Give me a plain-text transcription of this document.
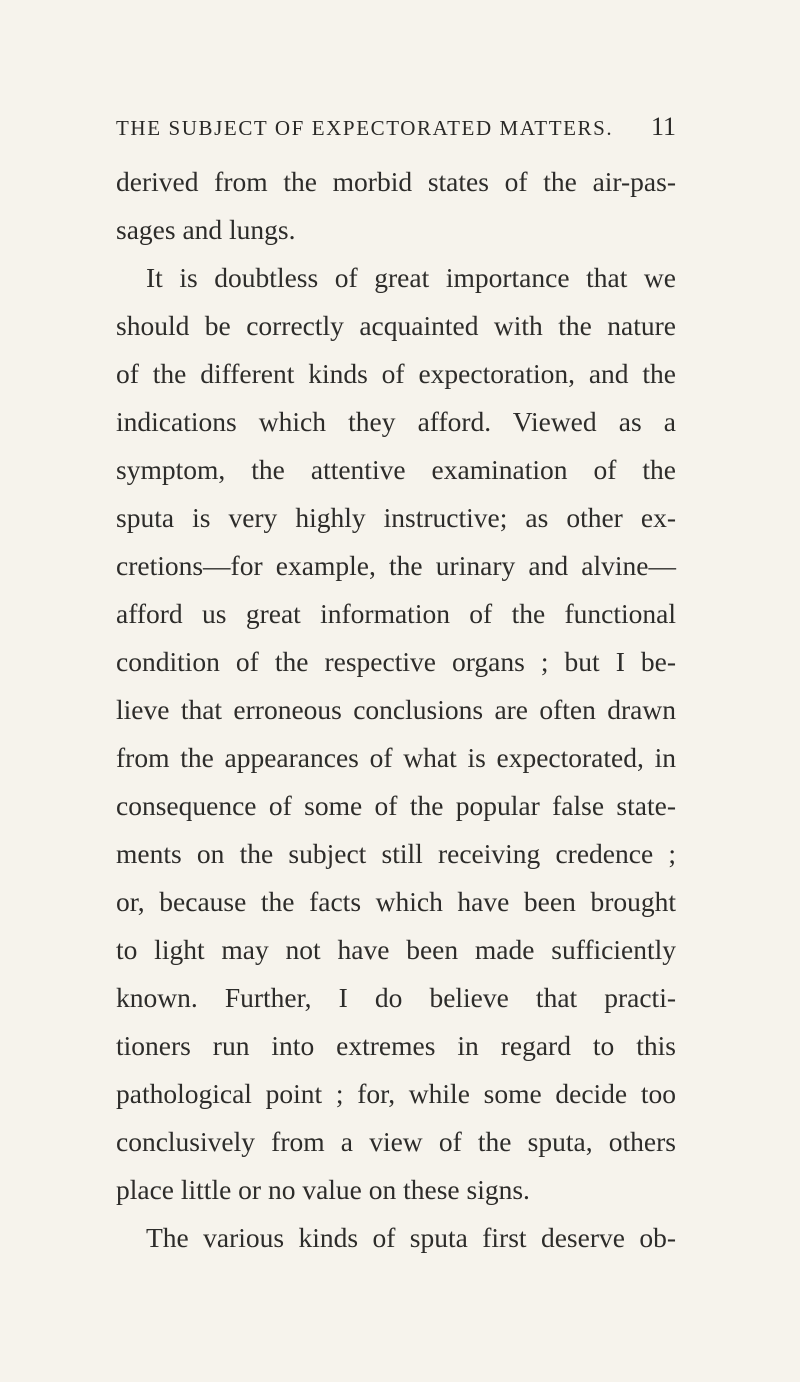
THE SUBJECT OF EXPECTORATED MATTERS. 11
derived from the morbid states of the air-pas-
sages and lungs.
It is doubtless of great importance that we
should be correctly acquainted with the nature
of the different kinds of expectoration, and the
indications which they afford. Viewed as a
symptom, the attentive examination of the
sputa is very highly instructive; as other ex-
cretions—for example, the urinary and alvine—
afford us great information of the functional
condition of the respective organs ; but I be-
lieve that erroneous conclusions are often drawn
from the appearances of what is expectorated, in
consequence of some of the popular false state-
ments on the subject still receiving credence ;
or, because the facts which have been brought
to light may not have been made sufficiently
known. Further, I do believe that practi-
tioners run into extremes in regard to this
pathological point ; for, while some decide too
conclusively from a view of the sputa, others
place little or no value on these signs.
The various kinds of sputa first deserve ob-
